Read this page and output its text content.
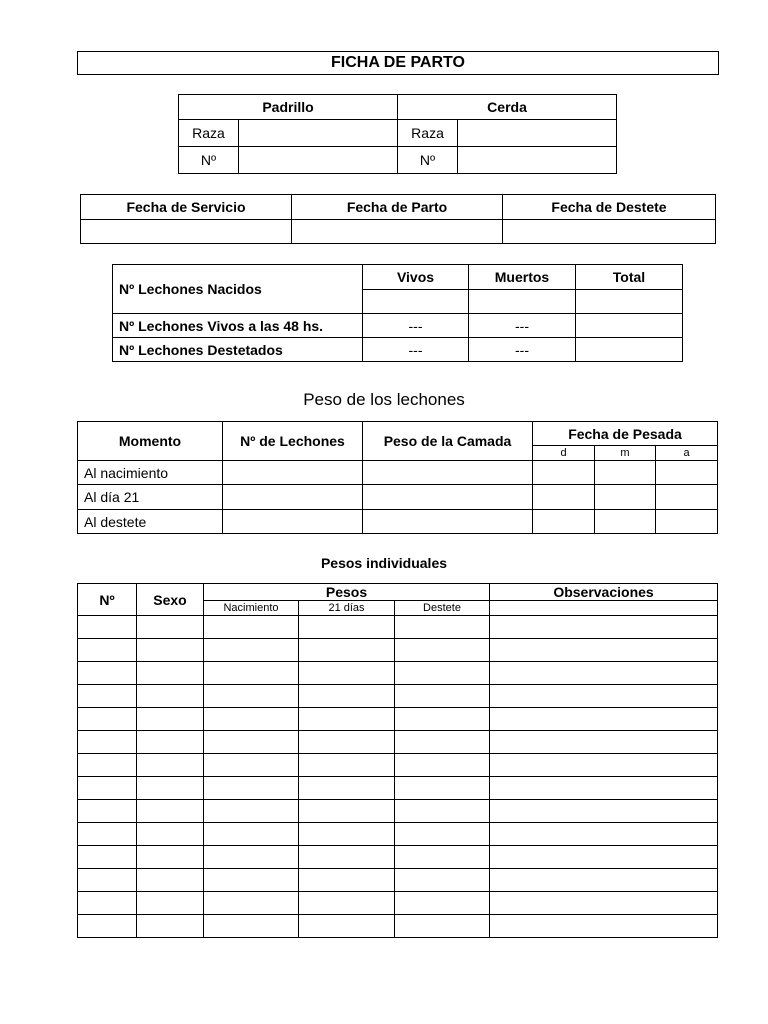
FICHA DE PARTO
Padrillo		Cerda	
Raza		Raza	
Nº		Nº	
Fecha de Servicio	Fecha de Parto	Fecha de Destete

Nº Lechones Nacidos	Vivos	Muertos	Total

Nº Lechones Vivos a las 48 hs.	---	---	
Nº Lechones Destetados	---	---	
Peso de los lechones
Momento	Nº de Lechones	Peso de la Camada	Fecha de Pesada		
			d	m	a
Al nacimiento					
Al día 21					
Al destete					
Pesos individuales
Nº	Sexo	Pesos			Observaciones
		Nacimiento	21 días	Destete	
